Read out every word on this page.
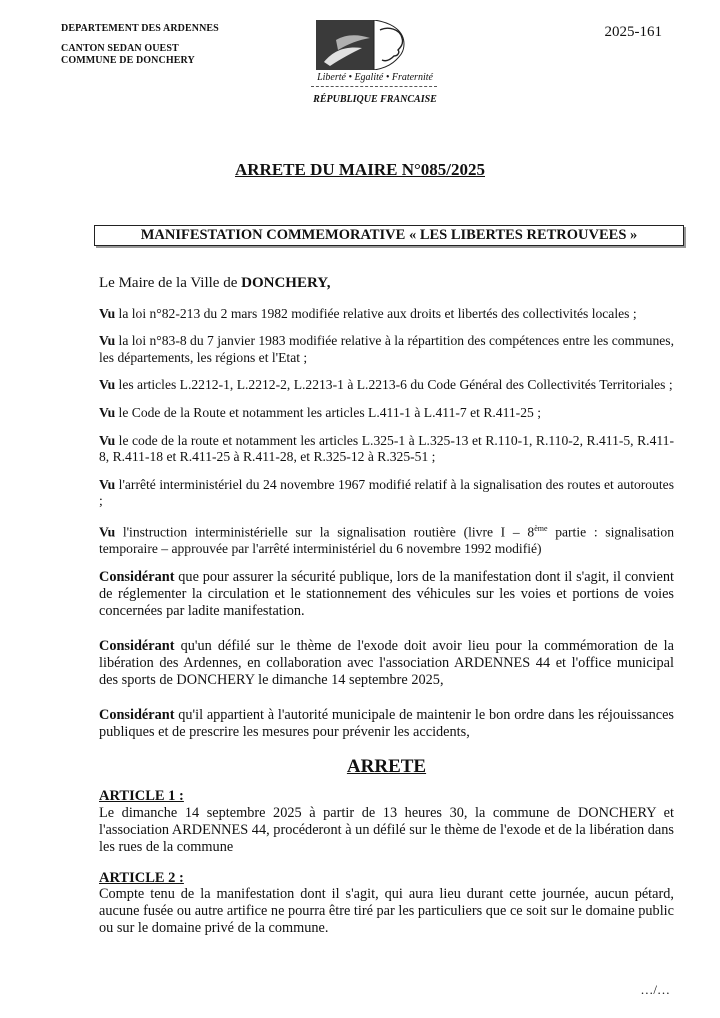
DEPARTEMENT DES ARDENNES
CANTON SEDAN OUEST
COMMUNE DE DONCHERY
2025-161
Liberté • Egalité • Fraternité
RÉPUBLIQUE FRANCAISE
ARRETE DU MAIRE N°085/2025
MANIFESTATION COMMEMORATIVE « LES LIBERTES RETROUVEES »

Le Maire de la Ville de DONCHERY,

Vu la loi n°82-213 du 2 mars 1982 modifiée relative aux droits et libertés des collectivités locales ;

Vu la loi n°83-8 du 7 janvier 1983 modifiée relative à la répartition des compétences entre les communes, les départements, les régions et l'Etat ;

Vu les articles L.2212-1, L.2212-2, L.2213-1 à L.2213-6 du Code Général des Collectivités Territoriales ;

Vu le Code de la Route et notamment les articles L.411-1 à L.411-7 et R.411-25 ;

Vu le code de la route et notamment les articles L.325-1 à L.325-13 et R.110-1, R.110-2, R.411-5, R.411-8, R.411-18 et R.411-25 à R.411-28, et R.325-12 à R.325-51 ;

Vu l'arrêté interministériel du 24 novembre 1967 modifié relatif à la signalisation des routes et autoroutes ;

Vu l'instruction interministérielle sur la signalisation routière (livre I – 8ème partie : signalisation temporaire – approuvée par l'arrêté interministériel du 6 novembre 1992 modifié)

Considérant que pour assurer la sécurité publique, lors de la manifestation dont il s'agit, il convient de réglementer la circulation et le stationnement des véhicules sur les voies et portions de voies concernées par ladite manifestation.

Considérant qu'un défilé sur le thème de l'exode doit avoir lieu pour la commémoration de la libération des Ardennes, en collaboration avec l'association ARDENNES 44 et l'office municipal des sports de DONCHERY le dimanche 14 septembre 2025,

Considérant qu'il appartient à l'autorité municipale de maintenir le bon ordre dans les réjouissances publiques et de prescrire les mesures pour prévenir les accidents,

ARRETE

ARTICLE 1 :

Le dimanche 14 septembre 2025 à partir de 13 heures 30, la commune de DONCHERY et l'association ARDENNES 44, procéderont à un défilé sur le thème de l'exode et de la libération dans les rues de la commune

ARTICLE 2 :

Compte tenu de la manifestation dont il s'agit, qui aura lieu durant cette journée, aucun pétard, aucune fusée ou autre artifice ne pourra être tiré par les particuliers que ce soit sur le domaine public ou sur le domaine privé de la commune.

…/…
